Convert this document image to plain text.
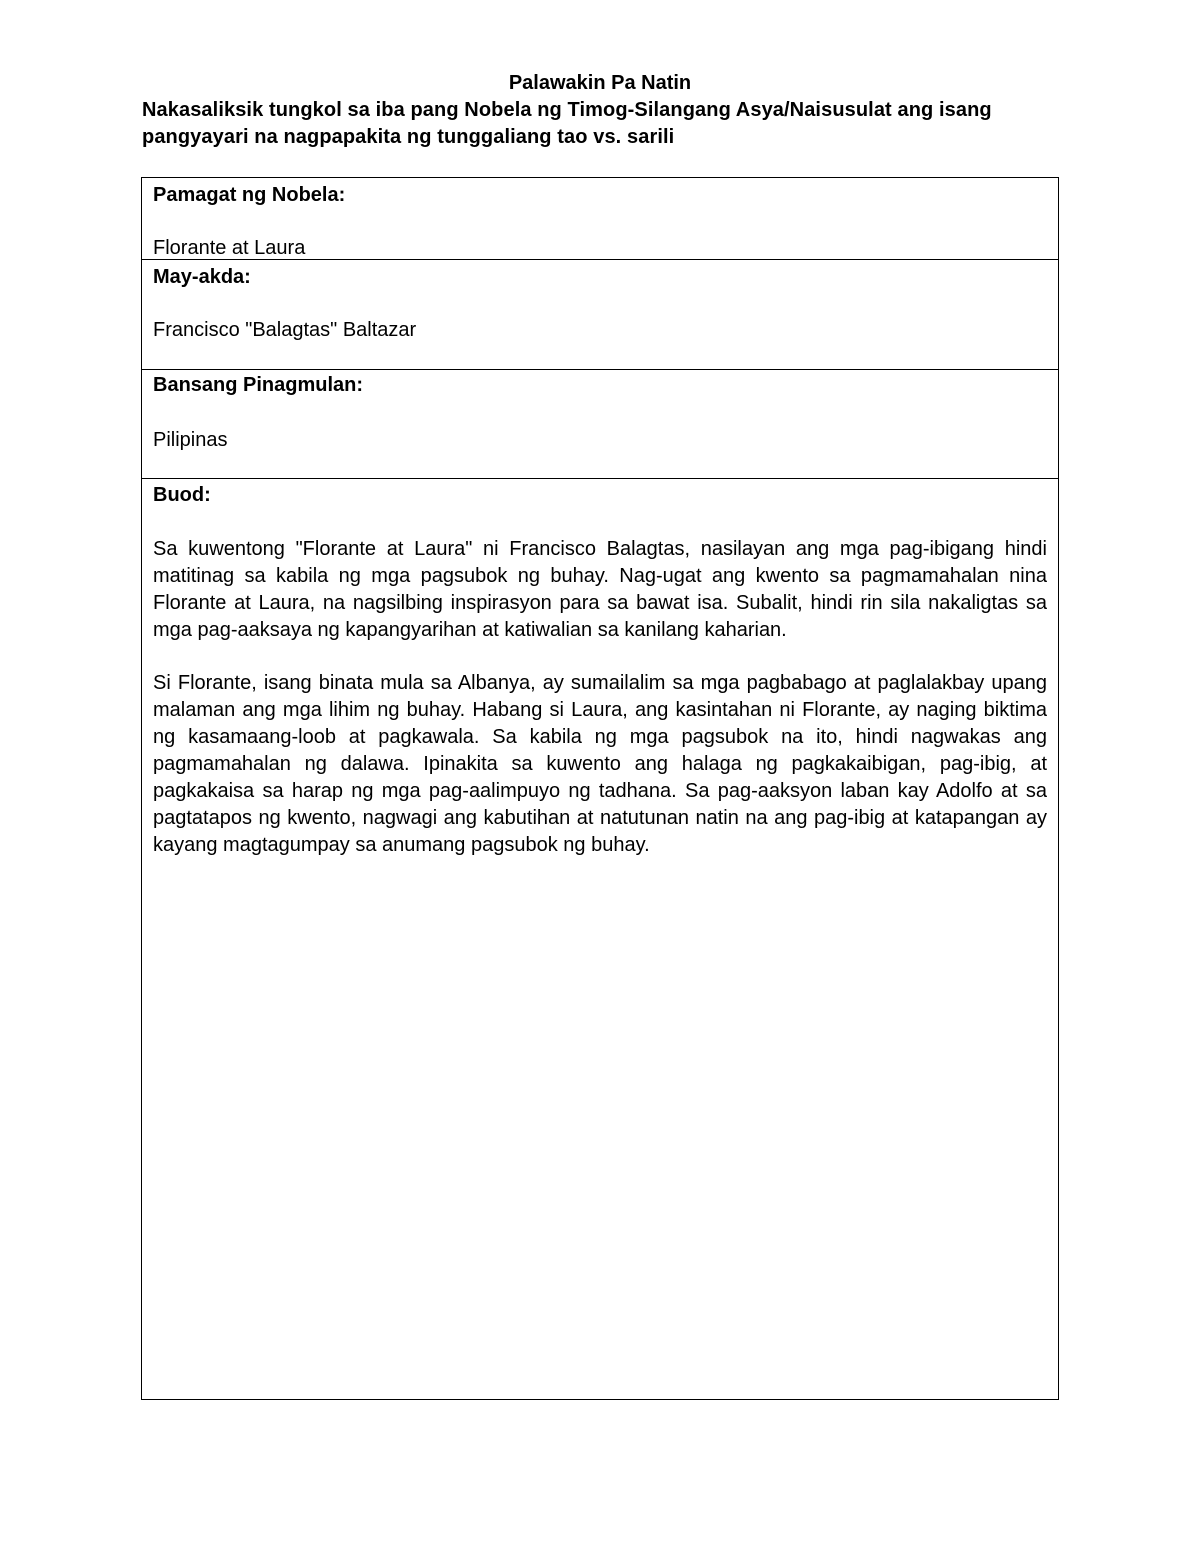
Palawakin Pa Natin

Nakasaliksik tungkol sa iba pang Nobela ng Timog-Silangang Asya/Naisusulat ang isang pangyayari na nagpapakita ng tunggaliang tao vs. sarili

Pamagat ng Nobela:

Florante at Laura

May-akda:

Francisco "Balagtas" Baltazar

Bansang Pinagmulan:

Pilipinas

Buod:

Sa kuwentong "Florante at Laura" ni Francisco Balagtas, nasilayan ang mga pag-ibigang hindi matitinag sa kabila ng mga pagsubok ng buhay. Nag-ugat ang kwento sa pagmamahalan nina Florante at Laura, na nagsilbing inspirasyon para sa bawat isa. Subalit, hindi rin sila nakaligtas sa mga pag-aaksaya ng kapangyarihan at katiwalian sa kanilang kaharian.

Si Florante, isang binata mula sa Albanya, ay sumailalim sa mga pagbabago at paglalakbay upang malaman ang mga lihim ng buhay. Habang si Laura, ang kasintahan ni Florante, ay naging biktima ng kasamaang-loob at pagkawala. Sa kabila ng mga pagsubok na ito, hindi nagwakas ang pagmamahalan ng dalawa. Ipinakita sa kuwento ang halaga ng pagkakaibigan, pag-ibig, at pagkakaisa sa harap ng mga pag-aalimpuyo ng tadhana. Sa pag-aaksyon laban kay Adolfo at sa pagtatapos ng kwento, nagwagi ang kabutihan at natutunan natin na ang pag-ibig at katapangan ay kayang magtagumpay sa anumang pagsubok ng buhay.
